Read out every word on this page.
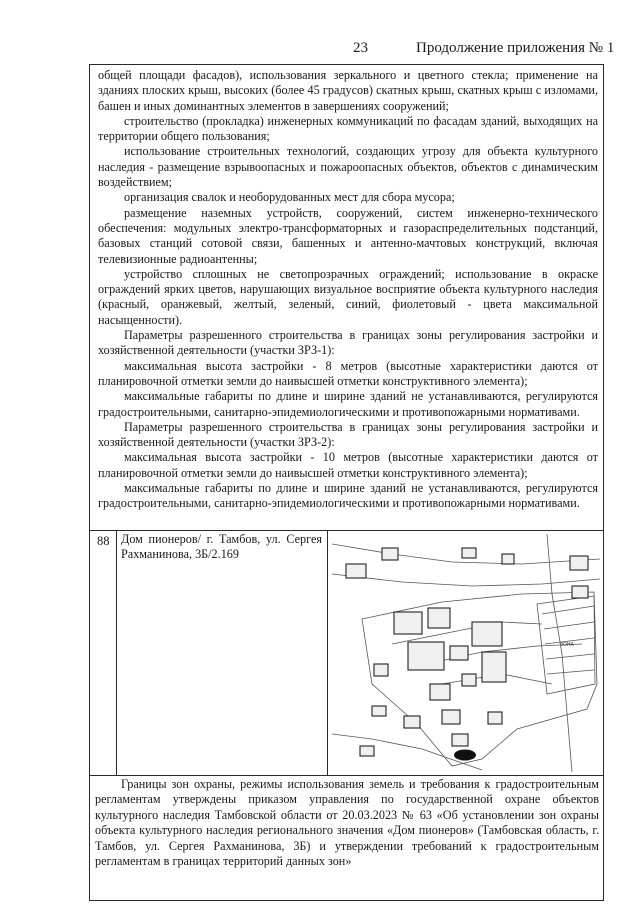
23	Продолжение приложения № 1

общей площади фасадов), использования зеркального и цветного стекла; применение на зданиях плоских крыш, высоких (более 45 градусов) скатных крыш, скатных крыш с изломами, башен и иных доминантных элементов в завершениях сооружений;

строительство (прокладка) инженерных коммуникаций по фасадам зданий, выходящих на территории общего пользования;

использование строительных технологий, создающих угрозу для объекта культурного наследия - размещение взрывоопасных и пожароопасных объектов, объектов с динамическим воздействием;

организация свалок и необорудованных мест для сбора мусора;

размещение наземных устройств, сооружений, систем инженерно-технического обеспечения: модульных электро-трансформаторных и газораспределительных подстанций, базовых станций сотовой связи, башенных и антенно-мачтовых конструкций, включая телевизионные радиоантенны;

устройство сплошных не светопрозрачных ограждений; использование в окраске ограждений ярких цветов, нарушающих визуальное восприятие объекта культурного наследия (красный, оранжевый, желтый, зеленый, синий, фиолетовый - цвета максимальной насыщенности).

Параметры разрешенного строительства в границах зоны регулирования застройки и хозяйственной деятельности (участки ЗРЗ-1):

максимальная высота застройки - 8 метров (высотные характеристики даются от планировочной отметки земли до наивысшей отметки конструктивного элемента);

максимальные габариты по длине и ширине зданий не устанавливаются, регулируются градостроительными, санитарно-эпидемиологическими и противопожарными нормативами.

Параметры разрешенного строительства в границах зоны регулирования застройки и хозяйственной деятельности (участки ЗРЗ-2):

максимальная высота застройки - 10 метров (высотные характеристики даются от планировочной отметки земли до наивысшей отметки конструктивного элемента);

максимальные габариты по длине и ширине зданий не устанавливаются, регулируются градостроительными, санитарно-эпидемиологическими и противопожарными нормативами.

88 Дом пионеров/ г. Тамбов, ул. Сергея Рахманинова, 3Б/2.169
ЗОНА

Границы зон охраны, режимы использования земель и требования к градостроительным регламентам утверждены приказом управления по государственной охране объектов культурного наследия Тамбовской области от 20.03.2023 № 63 «Об установлении зон охраны объекта культурного наследия регионального значения «Дом пионеров» (Тамбовская область, г. Тамбов, ул. Сергея Рахманинова, 3Б) и утверждении требований к градостроительным регламентам в границах территорий данных зон»
